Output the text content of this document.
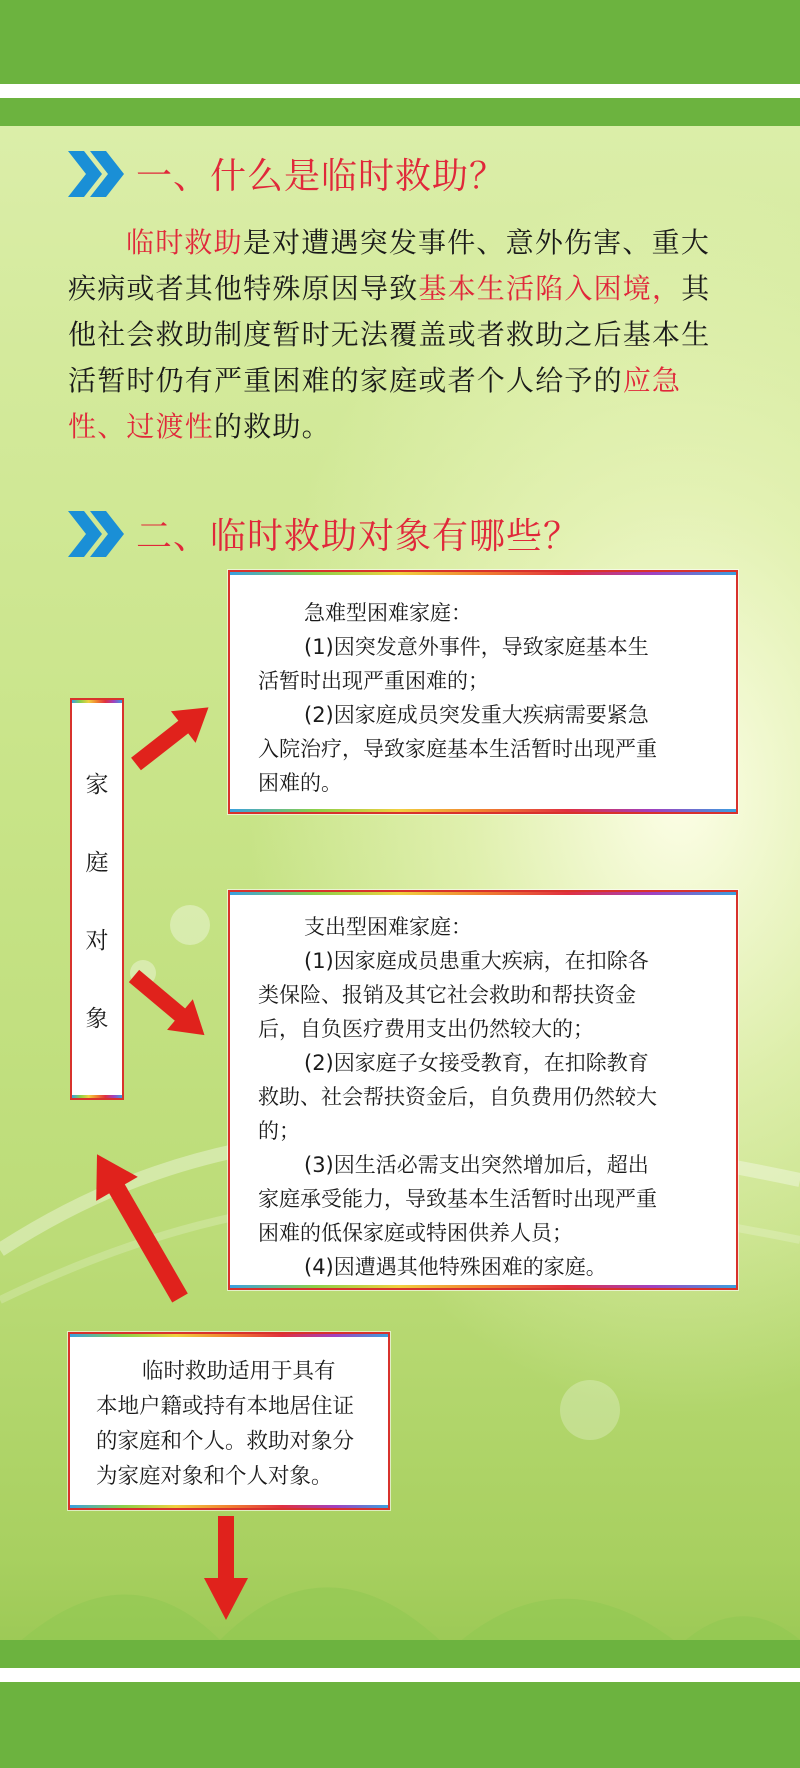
一、什么是临时救助？
临时救助是对遭遇突发事件、意外伤害、重大疾病或者其他特殊原因导致基本生活陷入困境，其他社会救助制度暂时无法覆盖或者救助之后基本生活暂时仍有严重困难的家庭或者个人给予的应急性、过渡性的救助。
二、临时救助对象有哪些？
家
庭
对
象
急难型困难家庭：
(1)因突发意外事件，导致家庭基本生
活暂时出现严重困难的；
(2)因家庭成员突发重大疾病需要紧急
入院治疗，导致家庭基本生活暂时出现严重
困难的。
支出型困难家庭：
(1)因家庭成员患重大疾病，在扣除各
类保险、报销及其它社会救助和帮扶资金
后，自负医疗费用支出仍然较大的；
(2)因家庭子女接受教育，在扣除教育
救助、社会帮扶资金后，自负费用仍然较大
的；
(3)因生活必需支出突然增加后，超出
家庭承受能力，导致基本生活暂时出现严重
困难的低保家庭或特困供养人员；
(4)因遭遇其他特殊困难的家庭。
临时救助适用于具有
本地户籍或持有本地居住证
的家庭和个人。救助对象分
为家庭对象和个人对象。
